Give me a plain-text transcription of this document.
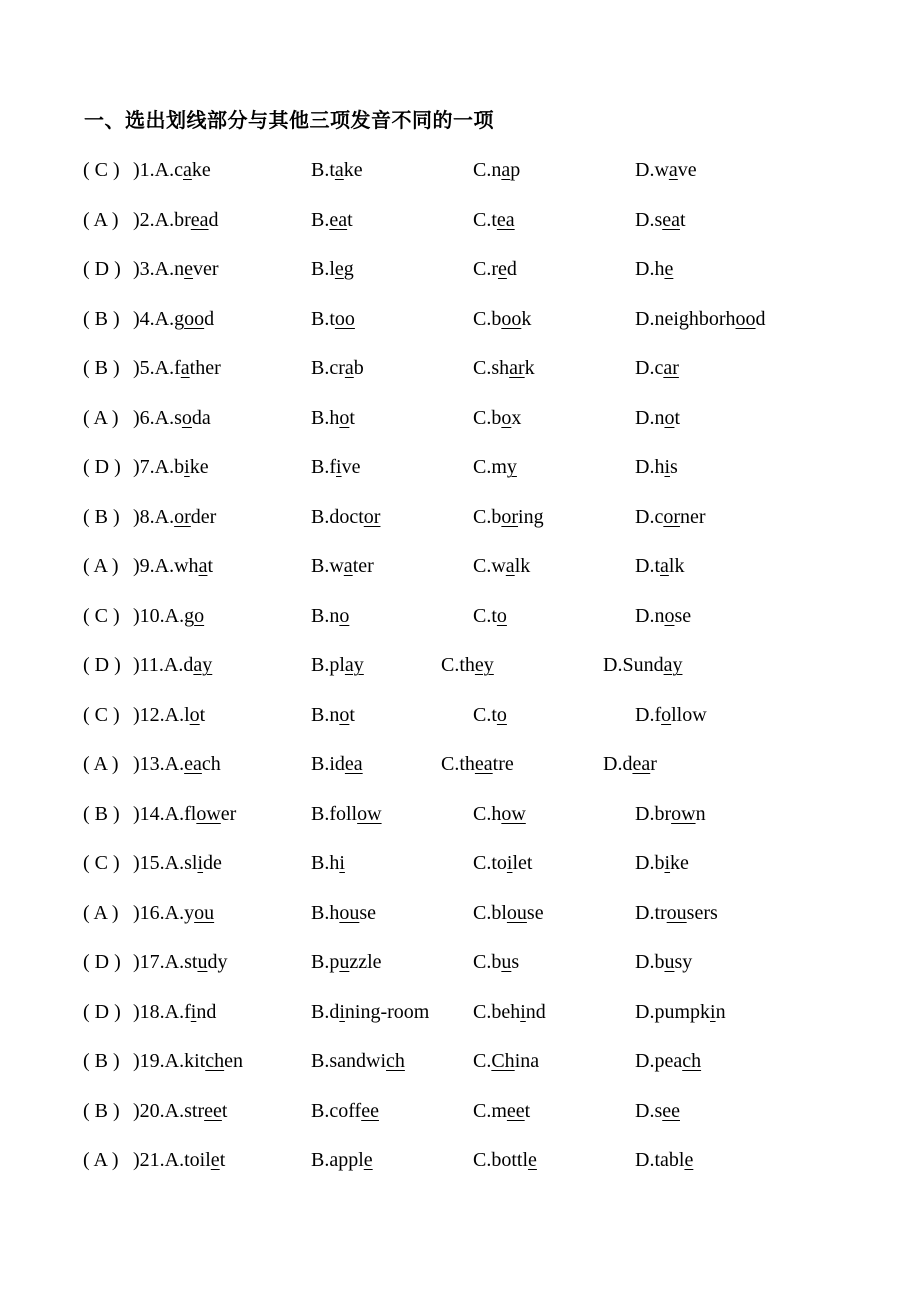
一、选出划线部分与其他三项发音不同的一项
( C ) )1.A.cake	B.take	C.nap	D.wave
( A ) )2.A.bread	B.eat	C.tea	D.seat
( D ) )3.A.never	B.leg	C.red	D.he
( B ) )4.A.good	B.too	C.book	D.neighborhood
( B ) )5.A.father	B.crab	C.shark	D.car
( A ) )6.A.soda	B.hot	C.box	D.not
( D ) )7.A.bike	B.five	C.my	D.his
( B ) )8.A.order	B.doctor	C.boring	D.corner
( A ) )9.A.what	B.water	C.walk	D.talk
( C ) )10.A.go	B.no	C.to	D.nose
( D ) )11.A.day	B.play	C.they	D.Sunday
( C ) )12.A.lot	B.not	C.to	D.follow
( A ) )13.A.each	B.idea	C.theatre	D.dear
( B ) )14.A.flower	B.follow	C.how	D.brown
( C ) )15.A.slide	B.hi	C.toilet	D.bike
( A ) )16.A.you	B.house	C.blouse	D.trousers
( D ) )17.A.study	B.puzzle	C.bus	D.busy
( D ) )18.A.find	B.dining-room C.behind	D.pumpkin
( B ) )19.A.kitchen	B.sandwich	C.China	D.peach
( B ) )20.A.street	B.coffee	C.meet	D.see
( A ) )21.A.toilet	B.apple	C.bottle	D.table
